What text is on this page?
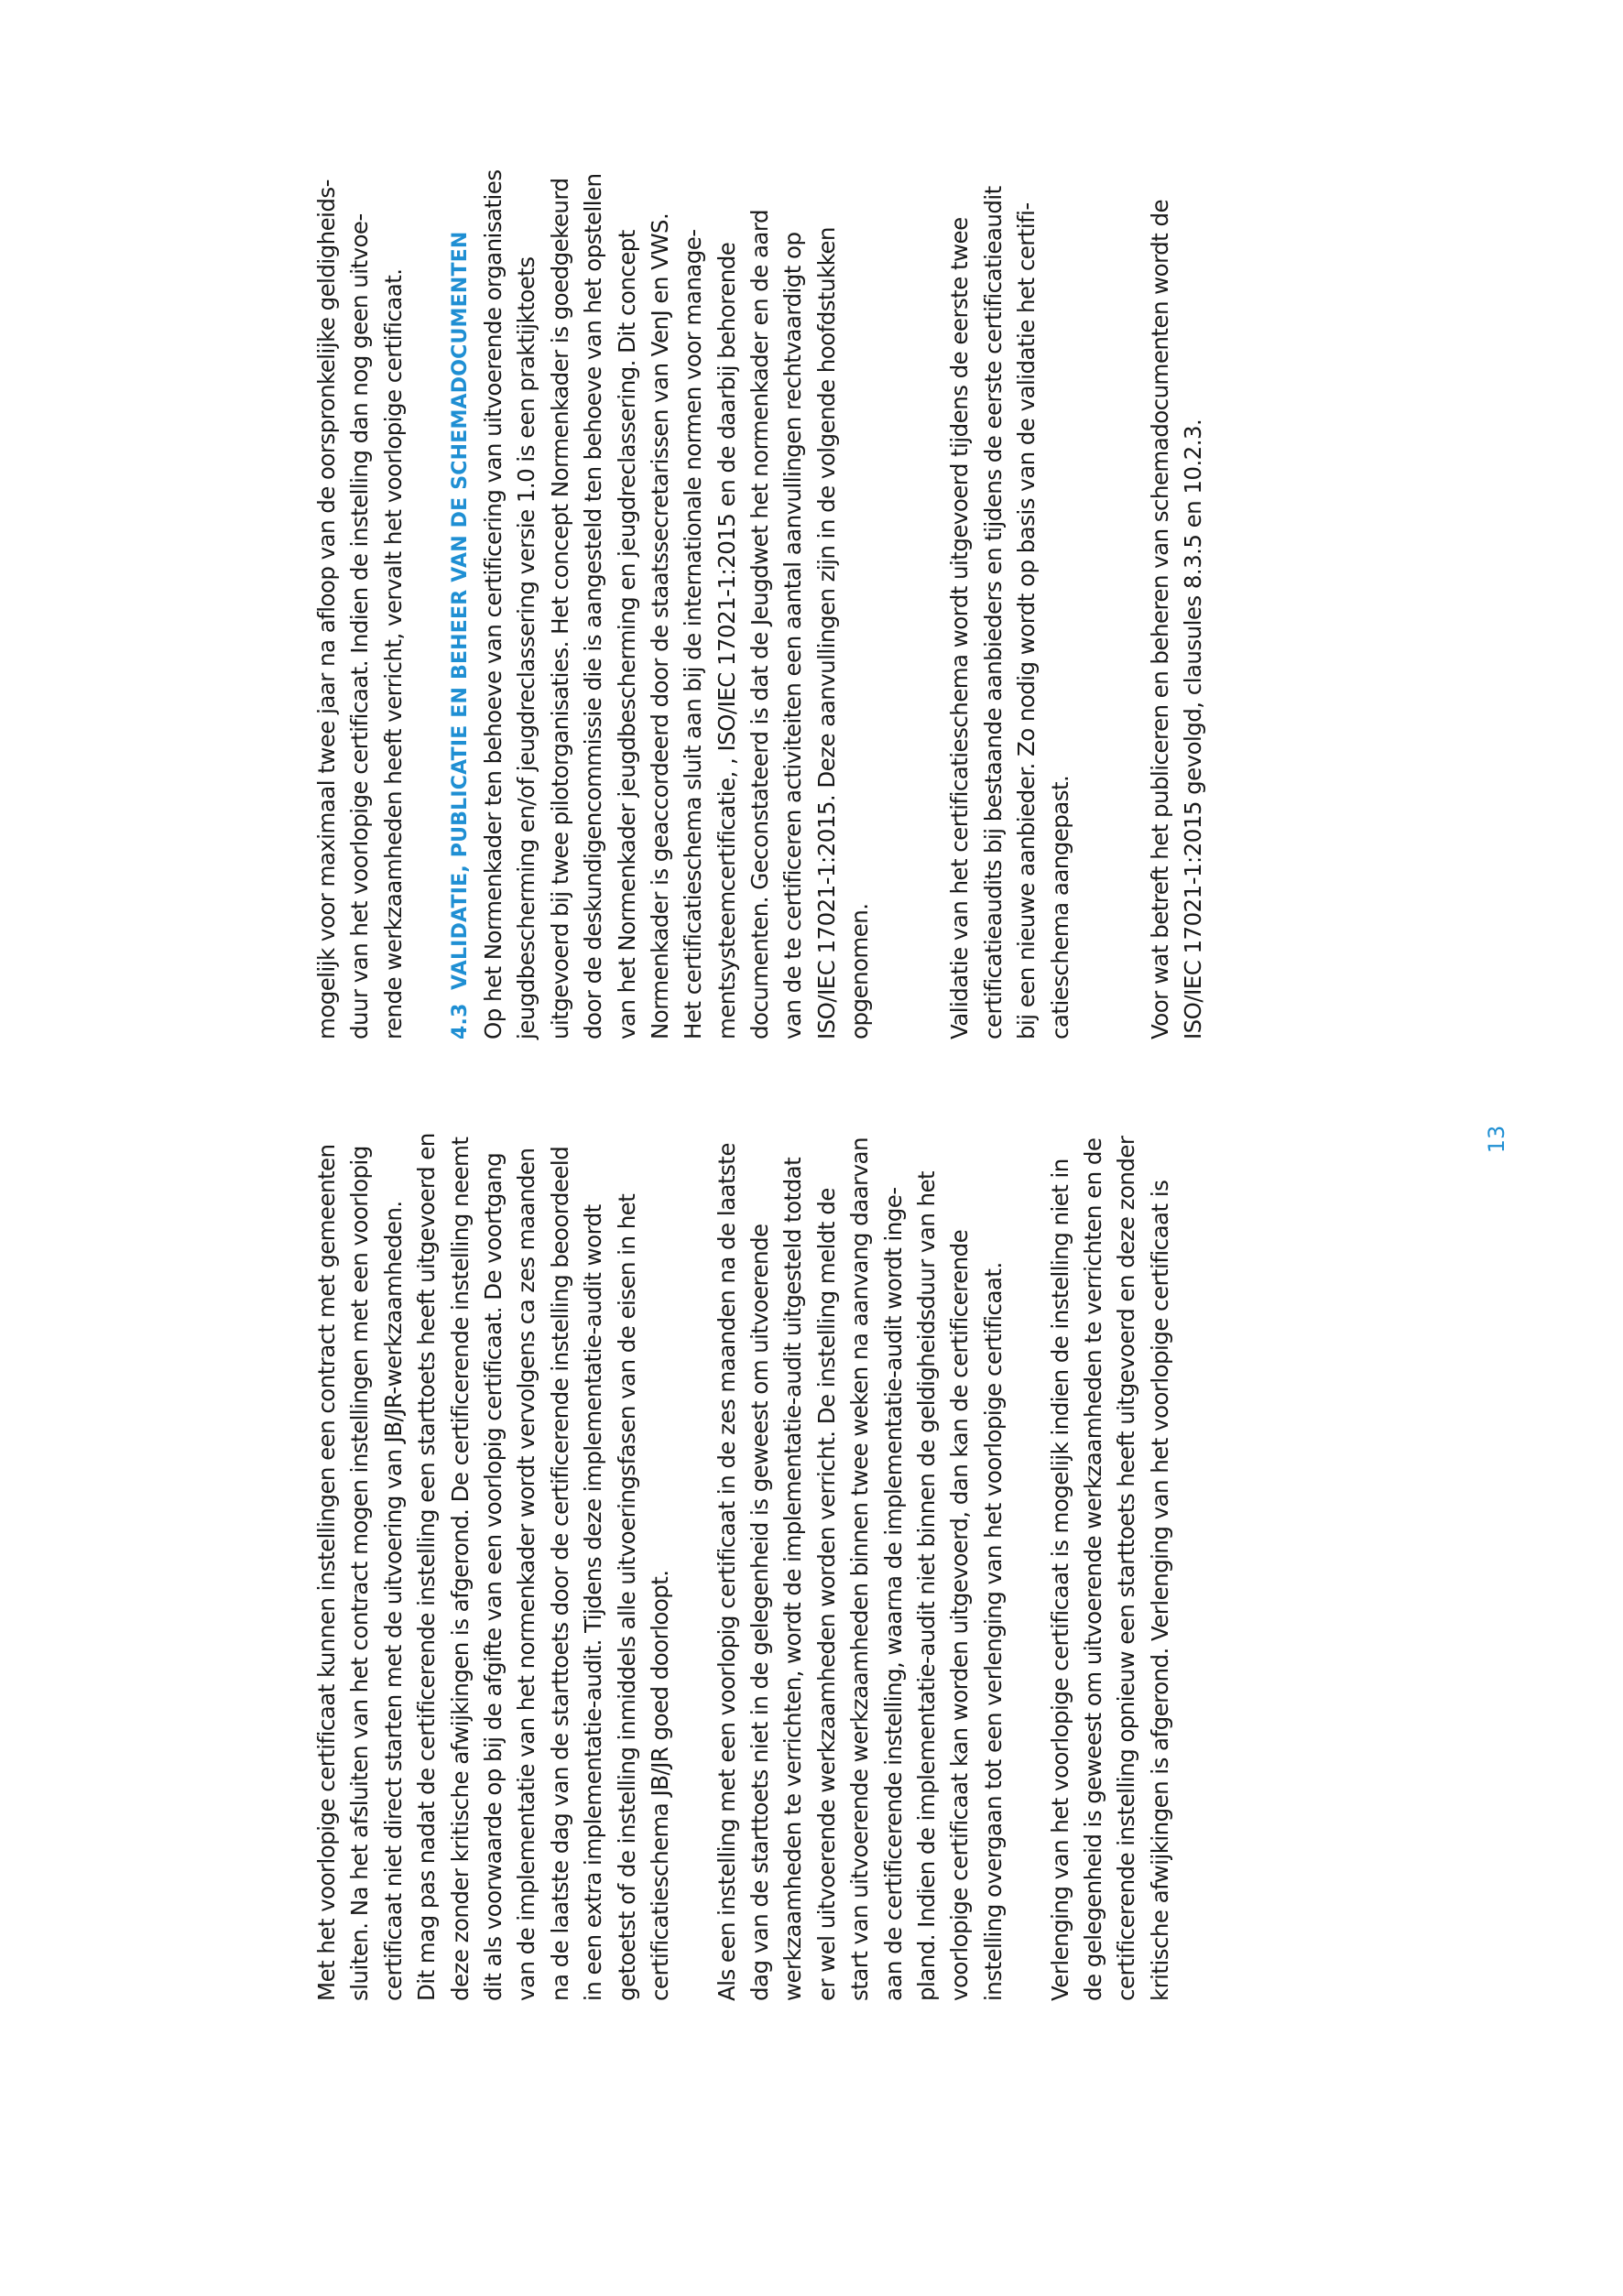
Met het voorlopige certificaat kunnen instellingen een contract met gemeenten sluiten. Na het afsluiten van het contract mogen instellingen met een voorlopig certificaat niet direct starten met de uitvoering van JB/JR-werkzaamheden. Dit mag pas nadat de certificerende instelling een starttoets heeft uitgevoerd en deze zonder kritische afwijkingen is afgerond. De certificerende instelling neemt dit als voorwaarde op bij de afgifte van een voorlopig certificaat. De voortgang van de implementatie van het normenkader wordt vervolgens ca zes maanden na de laatste dag van de starttoets door de certificerende instelling beoordeeld in een extra implementatie-audit. Tijdens deze implementatie-audit wordt getoetst of de instelling inmiddels alle uitvoeringsfasen van de eisen in het certificatieschema JB/JR goed doorloopt. Als een instelling met een voorlopig certificaat in de zes maanden na de laatste dag van de starttoets niet in de gelegenheid is geweest om uitvoerende werkzaamheden te verrichten, wordt de implementatie-audit uitgesteld totdat er wel uitvoerende werkzaamheden worden verricht. De instelling meldt de start van uitvoerende werkzaamheden binnen twee weken na aanvang daarvan aan de certificerende instelling, waarna de implementatie-audit wordt inge- pland. Indien de implementatie-audit niet binnen de geldigheidsduur van het voorlopige certificaat kan worden uitgevoerd, dan kan de certificerende instelling overgaan tot een verlenging van het voorlopige certificaat. Verlenging van het voorlopige certificaat is mogelijk indien de instelling niet in de gelegenheid is geweest om uitvoerende werkzaamheden te verrichten en de certificerende instelling opnieuw een starttoets heeft uitgevoerd en deze zonder kritische afwijkingen is afgerond. Verlenging van het voorlopige certificaat is
mogelijk voor maximaal twee jaar na afloop van de oorspronkelijke geldigheids- duur van het voorlopige certificaat. Indien de instelling dan nog geen uitvoe- rende werkzaamheden heeft verricht, vervalt het voorlopige certificaat. 4.3VALIDATIE, PUBLICATIE EN BEHEER VAN DE SCHEMADOCUMENTEN Op het Normenkader ten behoeve van certificering van uitvoerende organisaties jeugdbescherming en/of jeugdreclassering versie 1.0 is een praktijktoets uitgevoerd bij twee pilotorganisaties. Het concept Normenkader is goedgekeurd door de deskundigencommissie die is aangesteld ten behoeve van het opstellen van het Normenkader jeugdbescherming en jeugdreclassering. Dit concept Normenkader is geaccordeerd door de staatssecretarissen van VenJ en VWS. Het certificatieschema sluit aan bij de internationale normen voor manage- mentsysteemcertificatie, , ISO/IEC 17021-1:2015 en de daarbij behorende documenten. Geconstateerd is dat de Jeugdwet het normenkader en de aard van de te certificeren activiteiten een aantal aanvullingen rechtvaardigt op ISO/IEC 17021-1:2015. Deze aanvullingen zijn in de volgende hoofdstukken opgenomen.	Validatie van het certificatieschema wordt uitgevoerd tijdens de eerste twee certificatieaudits bij bestaande aanbieders en tijdens de eerste certificatieaudit bij een nieuwe aanbieder. Zo nodig wordt op basis van de validatie het certifi- catieschema aangepast.	Voor wat betreft het publiceren en beheren van schemadocumenten wordt de ISO/IEC 17021-1:2015 gevolgd, clausules 8.3.5 en 10.2.3.
13
